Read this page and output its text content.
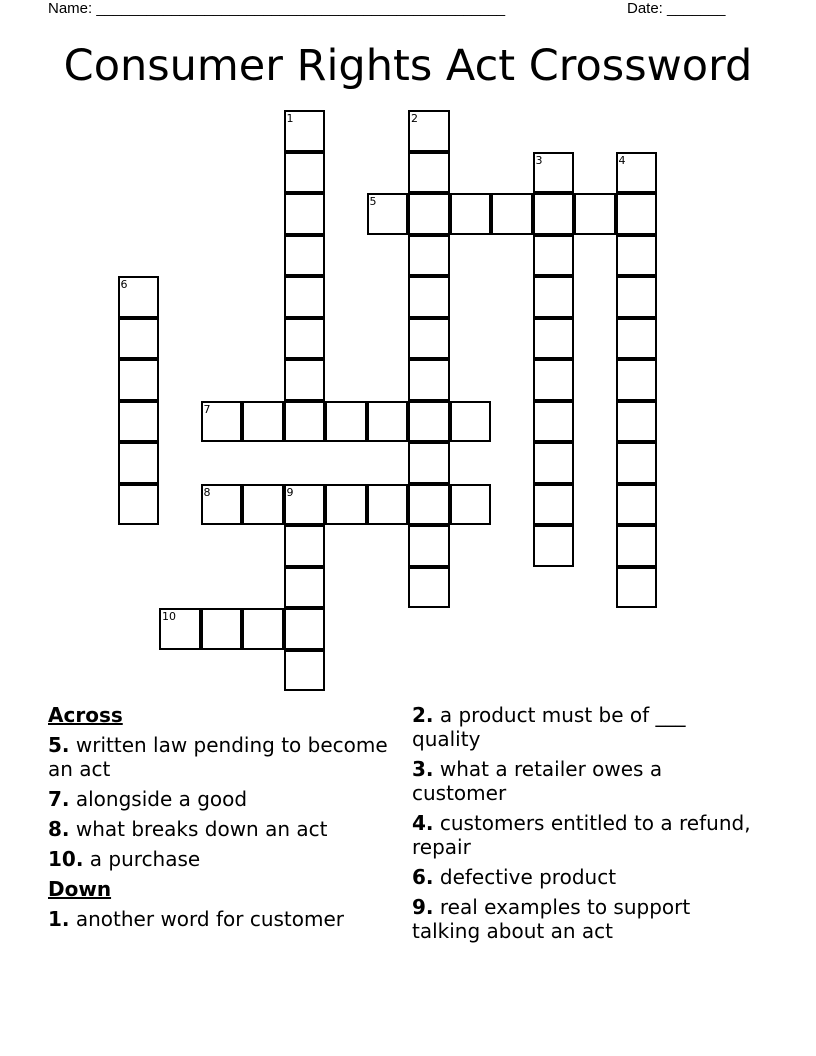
Name: _________________________________________________	Date: _______
Consumer Rights Act Crossword
1	2
3	4
5
6
7
8	9
10
Across
5. written law pending to become an act
7. alongside a good
8. what breaks down an act
10. a purchase
Down
1. another word for customer
2. a product must be of ___ quality
3. what a retailer owes a customer
4. customers entitled to a refund, repair
6. defective product
9. real examples to support talking about an act
